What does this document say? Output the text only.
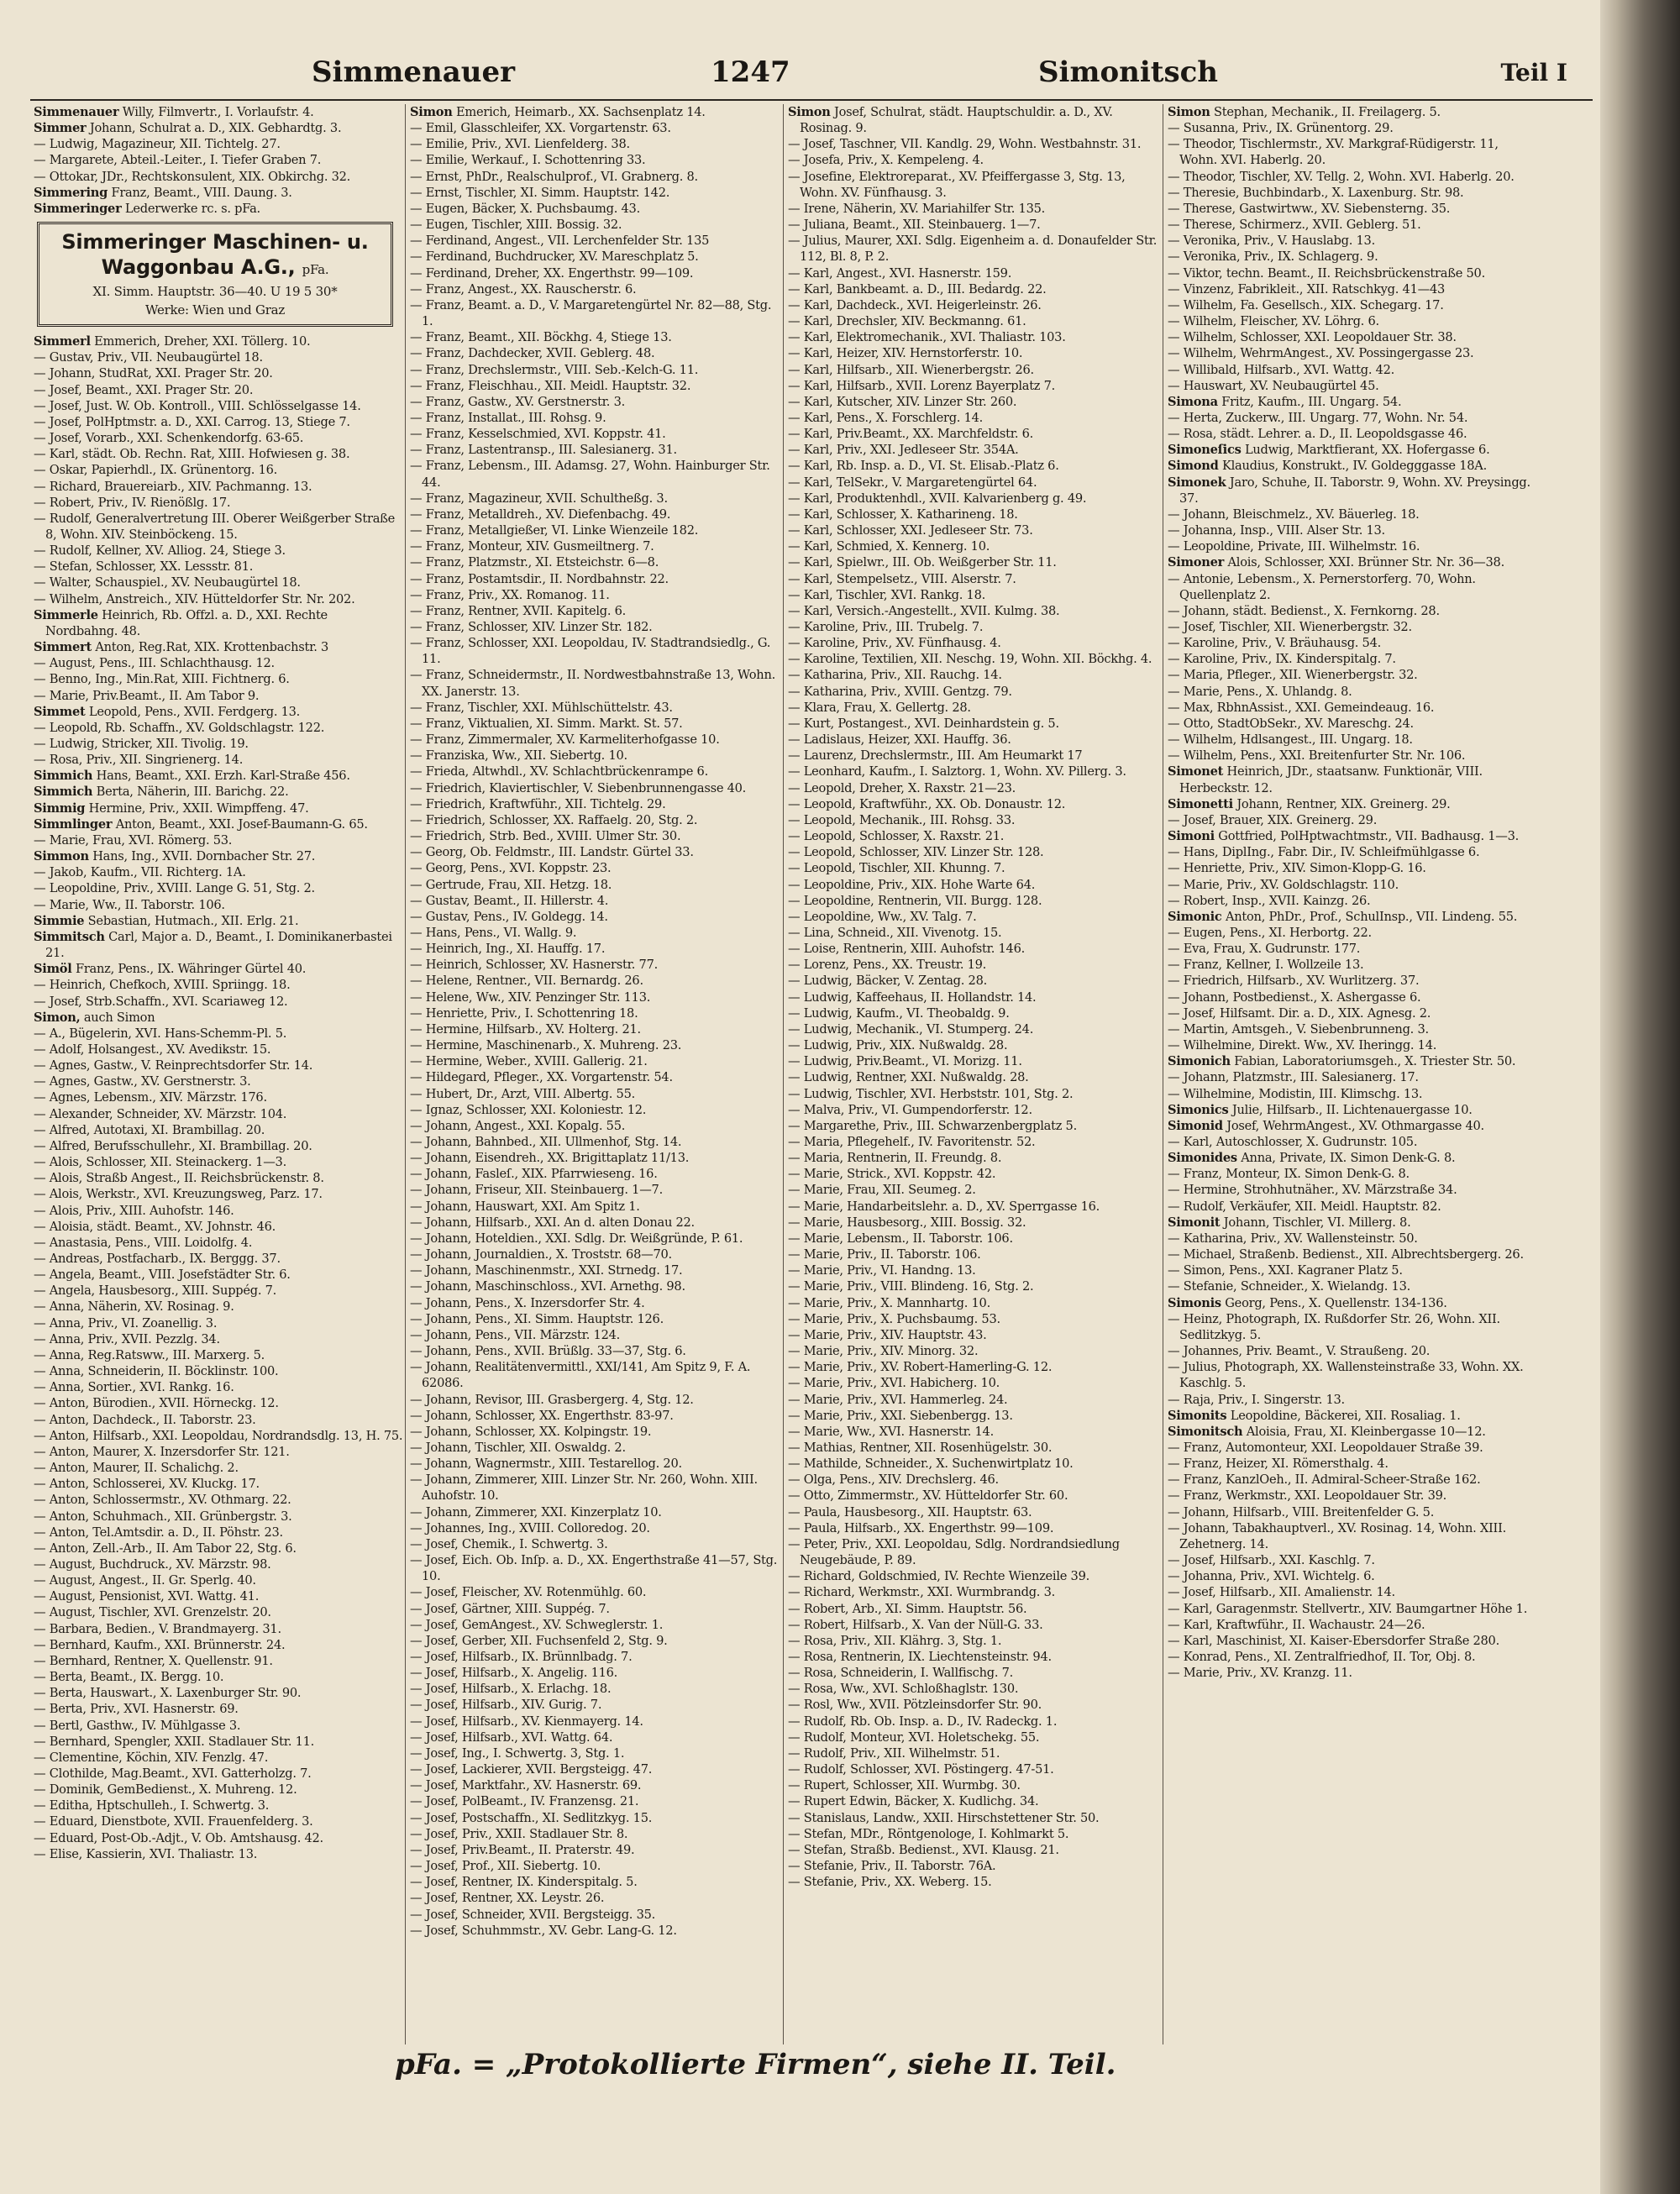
Simmenauer	1247	Simonitsch	Teil I

Simmenauer Willy, Filmvertr., I. Vorlaufstr. 4.

Simmer Johann, Schulrat a. D., XIX. Gebhardtg. 3.

— Ludwig, Magazineur, XII. Tichtelg. 27.

— Margarete, Abteil.-Leiter., I. Tiefer Graben 7.

— Ottokar, JDr., Rechtskonsulent, XIX. Obkirchg. 32.

Simmering Franz, Beamt., VIII. Daung. 3.

Simmeringer Lederwerke rc. s. pFa.

Simmeringer Maschinen- u.
Waggonbau A.G., pFa.
XI. Simm. Hauptstr. 36—40. U 19 5 30*
Werke: Wien und Graz

Simmerl Emmerich, Dreher, XXI. Töllerg. 10.

— Gustav, Priv., VII. Neubaugürtel 18.

— Johann, StudRat, XXI. Prager Str. 20.

— Josef, Beamt., XXI. Prager Str. 20.

— Josef, Just. W. Ob. Kontroll., VIII. Schlösselgasse 14.

— Josef, PolHptmstr. a. D., XXI. Carrog. 13, Stiege 7.

— Josef, Vorarb., XXI. Schenkendorfg. 63-65.

— Karl, städt. Ob. Rechn. Rat, XIII. Hofwiesen g. 38.

— Oskar, Papierhdl., IX. Grünentorg. 16.

— Richard, Brauereiarb., XIV. Pachmanng. 13.

— Robert, Priv., IV. Rienößlg. 17.

— Rudolf, Generalvertretung III. Oberer Weißgerber Straße 8, Wohn. XIV. Steinböckeng. 15.

— Rudolf, Kellner, XV. Alliog. 24, Stiege 3.

— Stefan, Schlosser, XX. Lessstr. 81.

— Walter, Schauspiel., XV. Neubaugürtel 18.

— Wilhelm, Anstreich., XIV. Hütteldorfer Str. Nr. 202.

Simmerle Heinrich, Rb. Offzl. a. D., XXI. Rechte Nordbahng. 48.

Simmert Anton, Reg.Rat, XIX. Krottenbachstr. 3

— August, Pens., III. Schlachthausg. 12.

— Benno, Ing., Min.Rat, XIII. Fichtnerg. 6.

— Marie, Priv.Beamt., II. Am Tabor 9.

Simmet Leopold, Pens., XVII. Ferdgerg. 13.

— Leopold, Rb. Schaffn., XV. Goldschlagstr. 122.

— Ludwig, Stricker, XII. Tivolig. 19.

— Rosa, Priv., XII. Singrienerg. 14.

Simmich Hans, Beamt., XXI. Erzh. Karl-Straße 456.

Simmich Berta, Näherin, III. Barichg. 22.

Simmig Hermine, Priv., XXII. Wimpffeng. 47.

Simmlinger Anton, Beamt., XXI. Josef-Baumann-G. 65.

— Marie, Frau, XVI. Römerg. 53.

Simmon Hans, Ing., XVII. Dornbacher Str. 27.

— Jakob, Kaufm., VII. Richterg. 1A.

— Leopoldine, Priv., XVIII. Lange G. 51, Stg. 2.

— Marie, Ww., II. Taborstr. 106.

Simmie Sebastian, Hutmach., XII. Erlg. 21.

Simmitsch Carl, Major a. D., Beamt., I. Dominikanerbastei 21.

Simöl Franz, Pens., IX. Währinger Gürtel 40.

— Heinrich, Chefkoch, XVIII. Spriingg. 18.

— Josef, Strb.Schaffn., XVI. Scariaweg 12.

Simon, auch Simon

— A., Bügelerin, XVI. Hans-Schemm-Pl. 5.

— Adolf, Holsangest., XV. Avedikstr. 15.

— Agnes, Gastw., V. Reinprechtsdorfer Str. 14.

— Agnes, Gastw., XV. Gerstnerstr. 3.

— Agnes, Lebensm., XIV. Märzstr. 176.

— Alexander, Schneider, XV. Märzstr. 104.

— Alfred, Autotaxi, XI. Brambillag. 20.

— Alfred, Berufsschullehr., XI. Brambillag. 20.

— Alois, Schlosser, XII. Steinackerg. 1—3.

— Alois, Straßb Angest., II. Reichsbrückenstr. 8.

— Alois, Werkstr., XVI. Kreuzungsweg, Parz. 17.

— Alois, Priv., XIII. Auhofstr. 146.

— Aloisia, städt. Beamt., XV. Johnstr. 46.

— Anastasia, Pens., VIII. Loidolfg. 4.

— Andreas, Postfacharb., IX. Berggg. 37.

— Angela, Beamt., VIII. Josefstädter Str. 6.

— Angela, Hausbesorg., XIII. Suppég. 7.

— Anna, Näherin, XV. Rosinag. 9.

— Anna, Priv., VI. Zoanellig. 3.

— Anna, Priv., XVII. Pezzlg. 34.

— Anna, Reg.Ratsww., III. Marxerg. 5.

— Anna, Schneiderin, II. Böcklinstr. 100.

— Anna, Sortier., XVI. Rankg. 16.

— Anton, Bürodien., XVII. Hörneckg. 12.

— Anton, Dachdeck., II. Taborstr. 23.

— Anton, Hilfsarb., XXI. Leopoldau, Nordrandsdlg. 13, H. 75.

— Anton, Maurer, X. Inzersdorfer Str. 121.

— Anton, Maurer, II. Schalichg. 2.

— Anton, Schlosserei, XV. Kluckg. 17.

— Anton, Schlossermstr., XV. Othmarg. 22.

— Anton, Schuhmach., XII. Grünbergstr. 3.

— Anton, Tel.Amtsdir. a. D., II. Pöhstr. 23.

— Anton, Zell.-Arb., II. Am Tabor 22, Stg. 6.

— August, Buchdruck., XV. Märzstr. 98.

— August, Angest., II. Gr. Sperlg. 40.

— August, Pensionist, XVI. Wattg. 41.

— August, Tischler, XVI. Grenzelstr. 20.

— Barbara, Bedien., V. Brandmayerg. 31.

— Bernhard, Kaufm., XXI. Brünnerstr. 24.

— Bernhard, Rentner, X. Quellenstr. 91.

— Berta, Beamt., IX. Bergg. 10.

— Berta, Hauswart., X. Laxenburger Str. 90.

— Berta, Priv., XVI. Hasnerstr. 69.

— Bertl, Gasthw., IV. Mühlgasse 3.

— Bernhard, Spengler, XXII. Stadlauer Str. 11.

— Clementine, Köchin, XIV. Fenzlg. 47.

— Clothilde, Mag.Beamt., XVI. Gatterholzg. 7.

— Dominik, GemBedienst., X. Muhreng. 12.

— Editha, Hptschulleh., I. Schwertg. 3.

— Eduard, Dienstbote, XVII. Frauenfelderg. 3.

— Eduard, Post-Ob.-Adjt., V. Ob. Amtshausg. 42.

— Elise, Kassierin, XVI. Thaliastr. 13.

Simon Emerich, Heimarb., XX. Sachsenplatz 14.

— Emil, Glasschleifer, XX. Vorgartenstr. 63.

— Emilie, Priv., XVI. Lienfelderg. 38.

— Emilie, Werkauf., I. Schottenring 33.

— Ernst, PhDr., Realschulprof., VI. Grabnerg. 8.

— Ernst, Tischler, XI. Simm. Hauptstr. 142.

— Eugen, Bäcker, X. Puchsbaumg. 43.

— Eugen, Tischler, XIII. Bossig. 32.

— Ferdinand, Angest., VII. Lerchenfelder Str. 135

— Ferdinand, Buchdrucker, XV. Mareschplatz 5.

— Ferdinand, Dreher, XX. Engerthstr. 99—109.

— Franz, Angest., XX. Rauscherstr. 6.

— Franz, Beamt. a. D., V. Margaretengürtel Nr. 82—88, Stg. 1.

— Franz, Beamt., XII. Böckhg. 4, Stiege 13.

— Franz, Dachdecker, XVII. Geblerg. 48.

— Franz, Drechslermstr., VIII. Seb.-Kelch-G. 11.

— Franz, Fleischhau., XII. Meidl. Hauptstr. 32.

— Franz, Gastw., XV. Gerstnerstr. 3.

— Franz, Installat., III. Rohsg. 9.

— Franz, Kesselschmied, XVI. Koppstr. 41.

— Franz, Lastentransp., III. Salesianerg. 31.

— Franz, Lebensm., III. Adamsg. 27, Wohn. Hainburger Str. 44.

— Franz, Magazineur, XVII. Schultheßg. 3.

— Franz, Metalldreh., XV. Diefenbachg. 49.

— Franz, Metallgießer, VI. Linke Wienzeile 182.

— Franz, Monteur, XIV. Gusmeiltnerg. 7.

— Franz, Platzmstr., XI. Etsteichstr. 6—8.

— Franz, Postamtsdir., II. Nordbahnstr. 22.

— Franz, Priv., XX. Romanog. 11.

— Franz, Rentner, XVII. Kapitelg. 6.

— Franz, Schlosser, XIV. Linzer Str. 182.

— Franz, Schlosser, XXI. Leopoldau, IV. Stadtrandsiedlg., G. 11.

— Franz, Schneidermstr., II. Nordwestbahnstraße 13, Wohn. XX. Janerstr. 13.

— Franz, Tischler, XXI. Mühlschüttelstr. 43.

— Franz, Viktualien, XI. Simm. Markt. St. 57.

— Franz, Zimmermaler, XV. Karmeliterhofgasse 10.

— Franziska, Ww., XII. Siebertg. 10.

— Frieda, Altwhdl., XV. Schlachtbrückenrampe 6.

— Friedrich, Klaviertischler, V. Siebenbrunnengasse 40.

— Friedrich, Kraftwführ., XII. Tichtelg. 29.

— Friedrich, Schlosser, XX. Raffaelg. 20, Stg. 2.

— Friedrich, Strb. Bed., XVIII. Ulmer Str. 30.

— Georg, Ob. Feldmstr., III. Landstr. Gürtel 33.

— Georg, Pens., XVI. Koppstr. 23.

— Gertrude, Frau, XII. Hetzg. 18.

— Gustav, Beamt., II. Hillerstr. 4.

— Gustav, Pens., IV. Goldegg. 14.

— Hans, Pens., VI. Wallg. 9.

— Heinrich, Ing., XI. Hauffg. 17.

— Heinrich, Schlosser, XV. Hasnerstr. 77.

— Helene, Rentner., VII. Bernardg. 26.

— Helene, Ww., XIV. Penzinger Str. 113.

— Henriette, Priv., I. Schottenring 18.

— Hermine, Hilfsarb., XV. Holterg. 21.

— Hermine, Maschinenarb., X. Muhreng. 23.

— Hermine, Weber., XVIII. Gallerig. 21.

— Hildegard, Pfleger., XX. Vorgartenstr. 54.

— Hubert, Dr., Arzt, VIII. Albertg. 55.

— Ignaz, Schlosser, XXI. Koloniestr. 12.

— Johann, Angest., XXI. Kopalg. 55.

— Johann, Bahnbed., XII. Ullmenhof, Stg. 14.

— Johann, Eisendreh., XX. Brigittaplatz 11/13.

— Johann, Fasleſ., XIX. Pfarrwiesenɡ. 16.

— Johann, Friseur, XII. Steinbauerg. 1—7.

— Johann, Hauswart, XXI. Am Spitz 1.

— Johann, Hilfsarb., XXI. An d. alten Donau 22.

— Johann, Hoteldien., XXI. Sdlg. Dr. Weißgründe, P. 61.

— Johann, Journaldien., X. Troststr. 68—70.

— Johann, Maschinenmstr., XXI. Strnedg. 17.

— Johann, Maschinschloss., XVI. Arnethg. 98.

— Johann, Pens., X. Inzersdorfer Str. 4.

— Johann, Pens., XI. Simm. Hauptstr. 126.

— Johann, Pens., VII. Märzstr. 124.

— Johann, Pens., XVII. Brüßlg. 33—37, Stg. 6.

— Johann, Realitätenvermittl., XXI/141, Am Spitz 9, F. A. 62086.

— Johann, Revisor, III. Grasbergerg. 4, Stg. 12.

— Johann, Schlosser, XX. Engerthstr. 83-97.

— Johann, Schlosser, XX. Kolpingstr. 19.

— Johann, Tischler, XII. Oswaldg. 2.

— Johann, Wagnermstr., XIII. Testarellog. 20.

— Johann, Zimmerer, XIII. Linzer Str. Nr. 260, Wohn. XIII. Auhofstr. 10.

— Johann, Zimmerer, XXI. Kinzerplatz 10.

— Johannes, Ing., XVIII. Colloredog. 20.

— Josef, Chemik., I. Schwertg. 3.

— Josef, Eich. Ob. Inſp. a. D., XX. Engerthstraße 41—57, Stg. 10.

— Josef, Fleischer, XV. Rotenmühlg. 60.

— Josef, Gärtner, XIII. Suppég. 7.

— Josef, GemAngest., XV. Schweglerstr. 1.

— Josef, Gerber, XII. Fuchsenfeld 2, Stg. 9.

— Josef, Hilfsarb., IX. Brünnlbadg. 7.

— Josef, Hilfsarb., X. Angelig. 116.

— Josef, Hilfsarb., X. Erlachg. 18.

— Josef, Hilfsarb., XIV. Gurig. 7.

— Josef, Hilfsarb., XV. Kienmayerg. 14.

— Josef, Hilfsarb., XVI. Wattg. 64.

— Josef, Ing., I. Schwertg. 3, Stg. 1.

— Josef, Lackierer, XVII. Bergsteigg. 47.

— Josef, Marktfahr., XV. Hasnerstr. 69.

— Josef, PolBeamt., IV. Franzensg. 21.

— Josef, Postschaffn., XI. Sedlitzkyg. 15.

— Josef, Priv., XXII. Stadlauer Str. 8.

— Josef, Priv.Beamt., II. Praterstr. 49.

— Josef, Prof., XII. Siebertg. 10.

— Josef, Rentner, IX. Kinderspitalg. 5.

— Josef, Rentner, XX. Leystr. 26.

— Josef, Schneider, XVII. Bergsteigg. 35.

— Josef, Schuhmmstr., XV. Gebr. Lang-G. 12.

Simon Josef, Schulrat, städt. Hauptschuldir. a. D., XV. Rosinag. 9.

— Josef, Taschner, VII. Kandlg. 29, Wohn. Westbahnstr. 31.

— Josefa, Priv., X. Kempeleng. 4.

— Josefine, Elektroreparat., XV. Pfeiffergasse 3, Stg. 13, Wohn. XV. Fünfhausg. 3.

— Irene, Näherin, XV. Mariahilfer Str. 135.

— Juliana, Beamt., XII. Steinbauerg. 1—7.

— Julius, Maurer, XXI. Sdlg. Eigenheim a. d. Donaufelder Str. 112, Bl. 8, P. 2.

— Karl, Angest., XVI. Hasnerstr. 159.

— Karl, Bankbeamt. a. D., III. Beḋardg. 22.

— Karl, Dachdeck., XVI. Heigerleinstr. 26.

— Karl, Drechsler, XIV. Beckmanng. 61.

— Karl, Elektromechanik., XVI. Thaliastr. 103.

— Karl, Heizer, XIV. Hernstorferstr. 10.

— Karl, Hilfsarb., XII. Wienerbergstr. 26.

— Karl, Hilfsarb., XVII. Lorenz Bayerplatz 7.

— Karl, Kutscher, XIV. Linzer Str. 260.

— Karl, Pens., X. Forschlerg. 14.

— Karl, Priv.Beamt., XX. Marchfeldstr. 6.

— Karl, Priv., XXI. Jedleseer Str. 354A.

— Karl, Rb. Insp. a. D., VI. St. Elisab.-Platz 6.

— Karl, TelSekr., V. Margaretengürtel 64.

— Karl, Produktenhdl., XVII. Kalvarienberg g. 49.

— Karl, Schlosser, X. Katharineng. 18.

— Karl, Schlosser, XXI. Jedleseer Str. 73.

— Karl, Schmied, X. Kennerg. 10.

— Karl, Spielwr., III. Ob. Weißgerber Str. 11.

— Karl, Stempelsetz., VIII. Alserstr. 7.

— Karl, Tischler, XVI. Rankg. 18.

— Karl, Versich.-Angestellt., XVII. Kulmg. 38.

— Karoline, Priv., III. Trubelg. 7.

— Karoline, Priv., XV. Fünfhausg. 4.

— Karoline, Textilien, XII. Neschg. 19, Wohn. XII. Böckhg. 4.

— Katharina, Priv., XII. Rauchg. 14.

— Katharina, Priv., XVIII. Gentzg. 79.

— Klara, Frau, X. Gellertg. 28.

— Kurt, Postangest., XVI. Deinhardstein g. 5.

— Ladislaus, Heizer, XXI. Hauffg. 36.

— Laurenz, Drechslermstr., III. Am Heumarkt 17

— Leonhard, Kaufm., I. Salztorg. 1, Wohn. XV. Pillerg. 3.

— Leopold, Dreher, X. Raxstr. 21—23.

— Leopold, Kraftwführ., XX. Ob. Donaustr. 12.

— Leopold, Mechanik., III. Rohsg. 33.

— Leopold, Schlosser, X. Raxstr. 21.

— Leopold, Schlosser, XIV. Linzer Str. 128.

— Leopold, Tischler, XII. Khunng. 7.

— Leopoldine, Priv., XIX. Hohe Warte 64.

— Leopoldine, Rentnerin, VII. Burgg. 128.

— Leopoldine, Ww., XV. Talg. 7.

— Lina, Schneid., XII. Vivenotg. 15.

— Loise, Rentnerin, XIII. Auhofstr. 146.

— Lorenz, Pens., XX. Treustr. 19.

— Ludwig, Bäcker, V. Zentag. 28.

— Ludwig, Kaffeehaus, II. Hollandstr. 14.

— Ludwig, Kaufm., VI. Theobaldg. 9.

— Ludwig, Mechanik., VI. Stumperg. 24.

— Ludwig, Priv., XIX. Nußwaldg. 28.

— Ludwig, Priv.Beamt., VI. Morizg. 11.

— Ludwig, Rentner, XXI. Nußwaldg. 28.

— Ludwig, Tischler, XVI. Herbststr. 101, Stg. 2.

— Malva, Priv., VI. Gumpendorferstr. 12.

— Margarethe, Priv., III. Schwarzenbergplatz 5.

— Maria, Pflegehelf., IV. Favoritenstr. 52.

— Maria, Rentnerin, II. Freundg. 8.

— Marie, Strick., XVI. Koppstr. 42.

— Marie, Frau, XII. Seumeg. 2.

— Marie, Handarbeitslehr. a. D., XV. Sperrgasse 16.

— Marie, Hausbesorg., XIII. Bossig. 32.

— Marie, Lebensm., II. Taborstr. 106.

— Marie, Priv., II. Taborstr. 106.

— Marie, Priv., VI. Handng. 13.

— Marie, Priv., VIII. Blindeng. 16, Stg. 2.

— Marie, Priv., X. Mannhartg. 10.

— Marie, Priv., X. Puchsbaumg. 53.

— Marie, Priv., XIV. Hauptstr. 43.

— Marie, Priv., XIV. Minorg. 32.

— Marie, Priv., XV. Robert-Hamerling-G. 12.

— Marie, Priv., XVI. Habicherg. 10.

— Marie, Priv., XVI. Hammerleg. 24.

— Marie, Priv., XXI. Siebenbergg. 13.

— Marie, Ww., XVI. Hasnerstr. 14.

— Mathias, Rentner, XII. Rosenhügelstr. 30.

— Mathilde, Schneider., X. Suchenwirtplatz 10.

— Olga, Pens., XIV. Drechslerg. 46.

— Otto, Zimmermstr., XV. Hütteldorfer Str. 60.

— Paula, Hausbesorg., XII. Hauptstr. 63.

— Paula, Hilfsarb., XX. Engerthstr. 99—109.

— Peter, Priv., XXI. Leopoldau, Sdlg. Nordrandsiedlung Neugebäude, P. 89.

— Richard, Goldschmied, IV. Rechte Wienzeile 39.

— Richard, Werkmstr., XXI. Wurmbrandg. 3.

— Robert, Arb., XI. Simm. Hauptstr. 56.

— Robert, Hilfsarb., X. Van der Nüll-G. 33.

— Rosa, Priv., XII. Klährg. 3, Stg. 1.

— Rosa, Rentnerin, IX. Liechtensteinstr. 94.

— Rosa, Schneiderin, I. Wallfischg. 7.

— Rosa, Ww., XVI. Schloßhaglstr. 130.

— Rosl, Ww., XVII. Pötzleinsdorfer Str. 90.

— Rudolf, Rb. Ob. Insp. a. D., IV. Radeckg. 1.

— Rudolf, Monteur, XVI. Holetschekg. 55.

— Rudolf, Priv., XII. Wilhelmstr. 51.

— Rudolf, Schlosser, XVI. Pöstingerg. 47-51.

— Rupert, Schlosser, XII. Wurmbg. 30.

— Rupert Edwin, Bäcker, X. Kudlichg. 34.

— Stanislaus, Landw., XXII. Hirschstettener Str. 50.

— Stefan, MDr., Röntgenologe, I. Kohlmarkt 5.

— Stefan, Straßb. Bedienst., XVI. Klausg. 21.

— Stefanie, Priv., II. Taborstr. 76A.

— Stefanie, Priv., XX. Weberg. 15.

Simon Stephan, Mechanik., II. Freilagerg. 5.

— Susanna, Priv., IX. Grünentorg. 29.

— Theodor, Tischlermstr., XV. Markgraf-Rüdigerstr. 11, Wohn. XVI. Haberlg. 20.

— Theodor, Tischler, XV. Tellg. 2, Wohn. XVI. Haberlg. 20.

— Theresie, Buchbindarb., X. Laxenburg. Str. 98.

— Therese, Gastwirtww., XV. Siebensterng. 35.

— Therese, Schirmerz., XVII. Geblerg. 51.

— Veronika, Priv., V. Hauslabg. 13.

— Veronika, Priv., IX. Schlagerg. 9.

— Viktor, techn. Beamt., II. Reichsbrückenstraße 50.

— Vinzenz, Fabrikleit., XII. Ratschkyg. 41—43

— Wilhelm, Fa. Gesellsch., XIX. Schegarg. 17.

— Wilhelm, Fleischer, XV. Löhrg. 6.

— Wilhelm, Schlosser, XXI. Leopoldauer Str. 38.

— Wilhelm, WehrmAngest., XV. Possingergasse 23.

— Willibald, Hilfsarb., XVI. Wattg. 42.

— Hauswart, XV. Neubaugürtel 45.

Simona Fritz, Kaufm., III. Ungarg. 54.

— Herta, Zuckerw., III. Ungarg. 77, Wohn. Nr. 54.

— Rosa, städt. Lehrer. a. D., II. Leopoldsgasse 46.

Simoneſics Ludwig, Marktfierant, XX. Hofergasse 6.

Simond Klaudius, Konstrukt., IV. Goldegggasse 18A.

Simonek Jaro, Schuhe, II. Taborstr. 9, Wohn. XV. Preysingg. 37.

— Johann, Bleischmelz., XV. Bäuerleg. 18.

— Johanna, Insp., VIII. Alser Str. 13.

— Leopoldine, Private, III. Wilhelmstr. 16.

Simoner Alois, Schlosser, XXI. Brünner Str. Nr. 36—38.

— Antonie, Lebensm., X. Pernerstorferg. 70, Wohn. Quellenplatz 2.

— Johann, städt. Bedienst., X. Fernkorng. 28.

— Josef, Tischler, XII. Wienerbergstr. 32.

— Karoline, Priv., V. Bräuhausg. 54.

— Karoline, Priv., IX. Kinderspitalg. 7.

— Maria, Pfleger., XII. Wienerbergstr. 32.

— Marie, Pens., X. Uhlandg. 8.

— Max, RbhnAssist., XXI. Gemeindeaug. 16.

— Otto, StadtObSekr., XV. Mareschg. 24.

— Wilhelm, Hdlsangest., III. Ungarg. 18.

— Wilhelm, Pens., XXI. Breitenfurter Str. Nr. 106.

Simonet Heinrich, JDr., staatsanw. Funktionär, VIII. Herbeckstr. 12.

Simonetti Johann, Rentner, XIX. Greinerg. 29.

— Josef, Brauer, XIX. Greinerg. 29.

Simoni Gottfried, PolHptwachtmstr., VII. Badhausg. 1—3.

— Hans, DiplIng., Fabr. Dir., IV. Schleifmühlgasse 6.

— Henriette, Priv., XIV. Simon-Klopp-G. 16.

— Marie, Priv., XV. Goldschlagstr. 110.

— Robert, Insp., XVII. Kainzg. 26.

Simonic Anton, PhDr., Prof., SchulInsp., VII. Lindeng. 55.

— Eugen, Pens., XI. Herbortg. 22.

— Eva, Frau, X. Gudrunstr. 177.

— Franz, Kellner, I. Wollzeile 13.

— Friedrich, Hilfsarb., XV. Wurlitzerg. 37.

— Johann, Postbedienst., X. Ashergasse 6.

— Josef, Hilfsamt. Dir. a. D., XIX. Agnesg. 2.

— Martin, Amtsgeh., V. Siebenbrunneng. 3.

— Wilhelmine, Direkt. Ww., XV. Iheringg. 14.

Simonich Fabian, Laboratoriumsgeh., X. Triester Str. 50.

— Johann, Platzmstr., III. Salesianerg. 17.

— Wilhelmine, Modistin, III. Klimschg. 13.

Simonics Julie, Hilfsarb., II. Lichtenauergasse 10.

Simonid Josef, WehrmAngest., XV. Othmargasse 40.

— Karl, Autoschlosser, X. Gudrunstr. 105.

Simonides Anna, Private, IX. Simon Denk-G. 8.

— Franz, Monteur, IX. Simon Denk-G. 8.

— Hermine, Strohhutnäher., XV. Märzstraße 34.

— Rudolf, Verkäufer, XII. Meidl. Hauptstr. 82.

Simonit Johann, Tischler, VI. Millerg. 8.

— Katharina, Priv., XV. Wallensteinstr. 50.

— Michael, Straßenb. Bedienst., XII. Albrechtsbergerg. 26.

— Simon, Pens., XXI. Kagraner Platz 5.

— Stefanie, Schneider., X. Wielandg. 13.

Simonis Georg, Pens., X. Quellenstr. 134-136.

— Heinz, Photograph, IX. Rußdorfer Str. 26, Wohn. XII. Sedlitzkyg. 5.

— Johannes, Priv. Beamt., V. Straußeng. 20.

— Julius, Photograph, XX. Wallensteinstraße 33, Wohn. XX. Kaschlg. 5.

— Raja, Priv., I. Singerstr. 13.

Simonits Leopoldine, Bäckerei, XII. Rosaliag. 1.

Simonitsch Aloisia, Frau, XI. Kleinbergasse 10—12.

— Franz, Automonteur, XXI. Leopoldauer Straße 39.

— Franz, Heizer, XI. Römersthalg. 4.

— Franz, KanzlOeh., II. Admiral-Scheer-Straße 162.

— Franz, Werkmstr., XXI. Leopoldauer Str. 39.

— Johann, Hilfsarb., VIII. Breitenfelder G. 5.

— Johann, Tabakhauptverl., XV. Rosinag. 14, Wohn. XIII. Zehetnerg. 14.

— Josef, Hilfsarb., XXI. Kaschlg. 7.

— Johanna, Priv., XVI. Wichtelg. 6.

— Josef, Hilfsarb., XII. Amalienstr. 14.

— Karl, Garagenmstr. Stellvertr., XIV. Baumgartner Höhe 1.

— Karl, Kraftwführ., II. Wachaustr. 24—26.

— Karl, Maschinist, XI. Kaiser-Ebersdorfer Straße 280.

— Konrad, Pens., XI. Zentralfriedhof, II. Tor, Obj. 8.

— Marie, Priv., XV. Kranzg. 11.

pFa. = „Protokollierte Firmen“, siehe II. Teil.
